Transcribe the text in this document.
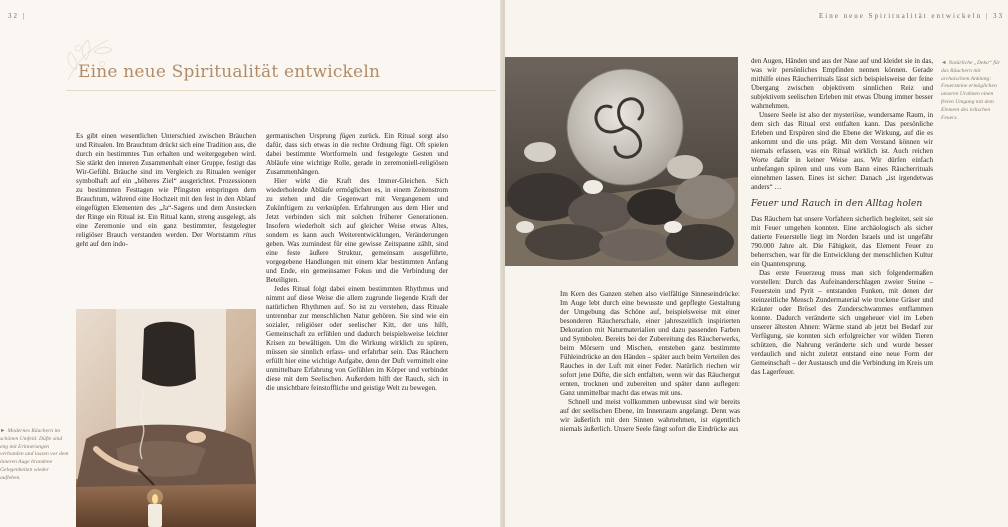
32 |
Eine neue Spiritualität entwickeln

Es gibt einen wesentlichen Unterschied zwischen Bräuchen und Ritualen. Im Brauchtum drückt sich eine Tradition aus, die durch ein bestimmtes Tun erhalten und weitergegeben wird. Sie stärkt den inneren Zusammenhalt einer Gruppe, festigt das Wir-Gefühl. Bräuche sind im Vergleich zu Ritualen weniger symbolhaft auf ein „höheres Ziel“ ausgerichtet. Prozessionen zu bestimmten Festtagen wie Pfingsten entspringen dem Brauchtum, während eine Hochzeit mit den fest in den Ablauf eingefügten Elementen des „Ja“-Sagens und dem Anstecken der Ringe ein Ritual ist. Ein Ritual kann, streng ausgelegt, als eine Zeremonie und ein ganz bestimmter, festgelegter religiöser Brauch verstanden werden. Der Wortstamm ritus geht auf den indo-

► Modernes Räuchern im schönen Umfeld. Düfte sind eng mit Erinnerungen verbunden und lassen vor dem inneren Auge brandene Gelegenheiten wieder aufleben.

germanischen Ursprung fügen zurück. Ein Ritual sorgt also dafür, dass sich etwas in die rechte Ordnung fügt. Oft spielen dabei bestimmte Wortformeln und festgelegte Gesten und Abläufe eine wichtige Rolle, gerade in zeremoniell-religiösen Zusammenhängen.

Hier wirkt die Kraft des Immer-Gleichen. Sich wiederholende Abläufe ermöglichen es, in einem Zeitenstrom zu stehen und die Gegenwart mit Vergangenem und Zukünftigem zu verknüpfen. Erfahrungen aus dem Hier und Jetzt verbinden sich mit solchen früherer Generationen. Insofern wiederholt sich auf gleicher Weise etwas Altes, sondern es kann auch Weiterentwicklungen, Veränderungen geben. Was zumindest für eine gewisse Zeitspanne zählt, sind eine feste äußere Struktur, gemeinsam ausgeführte, vorgegebene Handlungen mit einem klar bestimmten Anfang und Ende, ein gemeinsamer Fokus und die Verbindung der Beteiligten.

Jedes Ritual folgt dabei einem bestimmten Rhythmus und nimmt auf diese Weise die allem zugrunde liegende Kraft der natürlichen Rhythmen auf. So ist zu verstehen, dass Rituale untrennbar zur menschlichen Natur gehören. Sie sind wie ein sozialer, religiöser oder seelischer Kitt, der uns hilft, Gemeinschaft zu erfühlen und dadurch beispielsweise leichter Krisen zu bewältigen. Um die Wirkung wirklich zu spüren, müssen sie sinnlich erfass- und erfahrbar sein. Das Räuchern erfüllt hier eine wichtige Aufgabe, denn der Duft vermittelt eine unmittelbare Erfahrung von Gefühlen im Körper und verbindet diese mit dem Seelischen. Außerdem hilft der Rauch, sich in die unsichtbare feinstoffliche und geistige Welt zu bewegen.

Eine neue Spiritualität entwickeln | 33

Im Kern des Ganzen stehen also vielfältige Sinneseindrücke: Im Auge lebt durch eine bewusste und gepflegte Gestaltung der Umgebung das Schöne auf, beispielsweise mit einer besonderen Räucherschale, einer jahreszeitlich inspirierten Dekoration mit Naturmaterialien und dazu passenden Farben und Symbolen. Bereits bei der Zubereitung des Räucherwerks, beim Mörsern und Mischen, entstehen ganz bestimmte Fühleindrücke an den Händen – später auch beim Verteilen des Rauches in der Luft mit einer Feder. Natürlich riechen wir sofort jene Düfte, die sich entfalten, wenn wir das Räuchergut ernten, trocknen und zubereiten und später dann auflegen: Ganz unmittelbar macht das etwas mit uns.

Schnell und meist vollkommen unbewusst sind wir bereits auf der seelischen Ebene, im Innenraum angelangt. Denn was wir äußerlich mit den Sinnen wahrnehmen, ist eigentlich niemals äußerlich. Unsere Seele fängt sofort die Eindrücke aus

den Augen, Händen und aus der Nase auf und kleidet sie in das, was wir persönliches Empfinden nennen können. Gerade mithilfe eines Räucherrituals lässt sich beispielsweise der feine Übergang zwischen objektivem sinnlichen Reiz und subjektivem seelischen Erleben mit etwas Übung immer besser wahrnehmen.

Unsere Seele ist also der mysteriöse, wundersame Raum, in dem sich das Ritual erst entfalten kann. Das persönliche Erleben und Erspüren sind die Ebene der Wirkung, auf die es ankommt und die uns prägt. Mit dem Verstand können wir niemals erfassen, was ein Ritual wirklich ist. Auch reichen Worte dafür in keiner Weise aus. Wir dürfen einfach unbefangen spüren und uns vom Bann eines Räucherrituals einnehmen lassen. Eines ist sicher: Danach „ist irgendetwas anders“ …

Feuer und Rauch in den Alltag holen

Das Räuchern hat unsere Vorfahren sicherlich begleitet, seit sie mit Feuer umgehen konnten. Eine archäologisch als sicher datierte Feuerstelle liegt im Norden Israels und ist ungefähr 790.000 Jahre alt. Die Fähigkeit, das Element Feuer zu beherrschen, war für die Entwicklung der menschlichen Kultur ein Quantensprung.

Das erste Feuerzeug muss man sich folgendermaßen vorstellen: Durch das Aufeinanderschlagen zweier Steine – Feuerstein und Pyrit – entstanden Funken, mit denen der steinzeitliche Mensch Zundermaterial wie trockene Gräser und Kräuter oder Brösel des Zunderschwammes entflammen konnte. Dadurch veränderte sich ungeheuer viel im Leben unserer ältesten Ahnen: Wärme stand ab jetzt bei Bedarf zur Verfügung, sie konnten sich erfolgreicher vor wilden Tieren schützen, die Nahrung veränderte sich und wurde besser verdaulich und nicht zuletzt entstand eine neue Form der Gemeinschaft – der Austausch und die Verbindung im Kreis um das Lagerfeuer.

◄ Natürliche „Deko“ für das Räuchern mit archaischem Anklang: Feuersteine ermöglichen unseren Urahnen einen freien Umgang mit dem Element des irdischen Feuers.
